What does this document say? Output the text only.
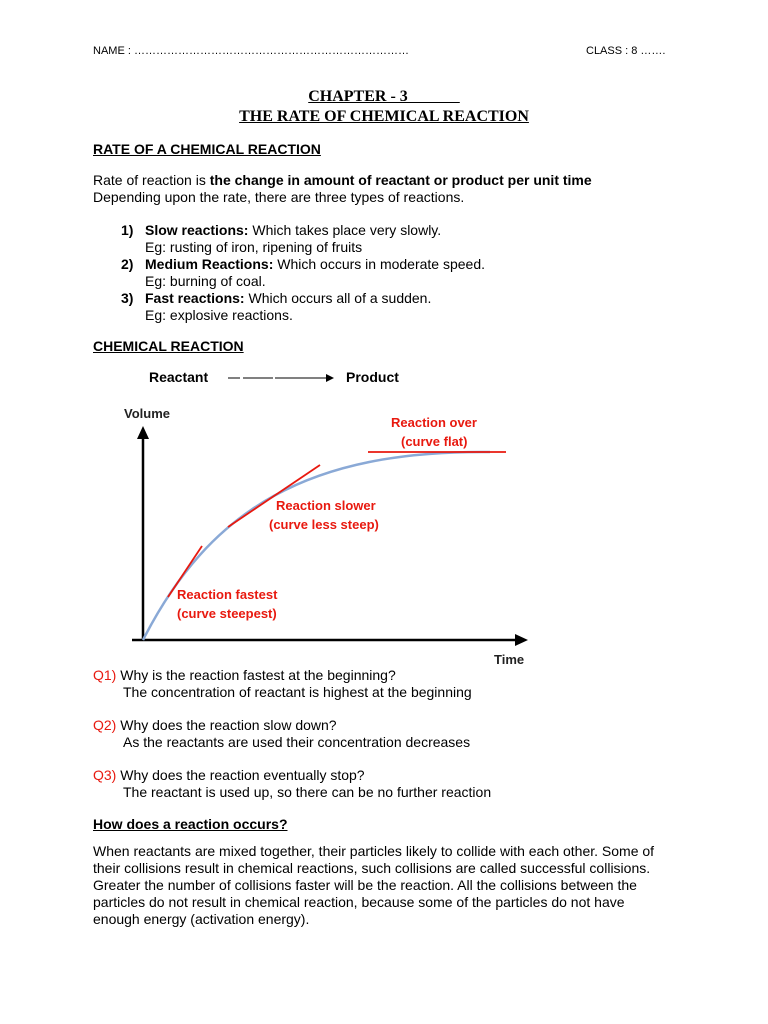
NAME : …………………………………………………………………	CLASS : 8 …….
CHAPTER - 3
THE RATE OF CHEMICAL REACTION
RATE OF A CHEMICAL REACTION
Rate of reaction is the change in amount of reactant or product per unit time
Depending upon the rate, there are three types of reactions.
1) Slow reactions: Which takes place very slowly.
Eg: rusting of iron, ripening of fruits
2) Medium Reactions: Which occurs in moderate speed.
Eg: burning of coal.
3) Fast reactions: Which occurs all of a sudden.
Eg: explosive reactions.
CHEMICAL REACTION
Reactant	Product
Volume
Time
Reaction over
(curve flat)
Reaction slower
(curve less steep)
Reaction fastest
(curve steepest)
Q1) Why is the reaction fastest at the beginning?
The concentration of reactant is highest at the beginning
Q2) Why does the reaction slow down?
As the reactants are used their concentration decreases
Q3) Why does the reaction eventually stop?
The reactant is used up, so there can be no further reaction
How does a reaction occurs?
When reactants are mixed together, their particles likely to collide with each other. Some of their collisions result in chemical reactions, such collisions are called successful collisions. Greater the number of collisions faster will be the reaction. All the collisions between the particles do not result in chemical reaction, because some of the particles do not have enough energy (activation energy).
